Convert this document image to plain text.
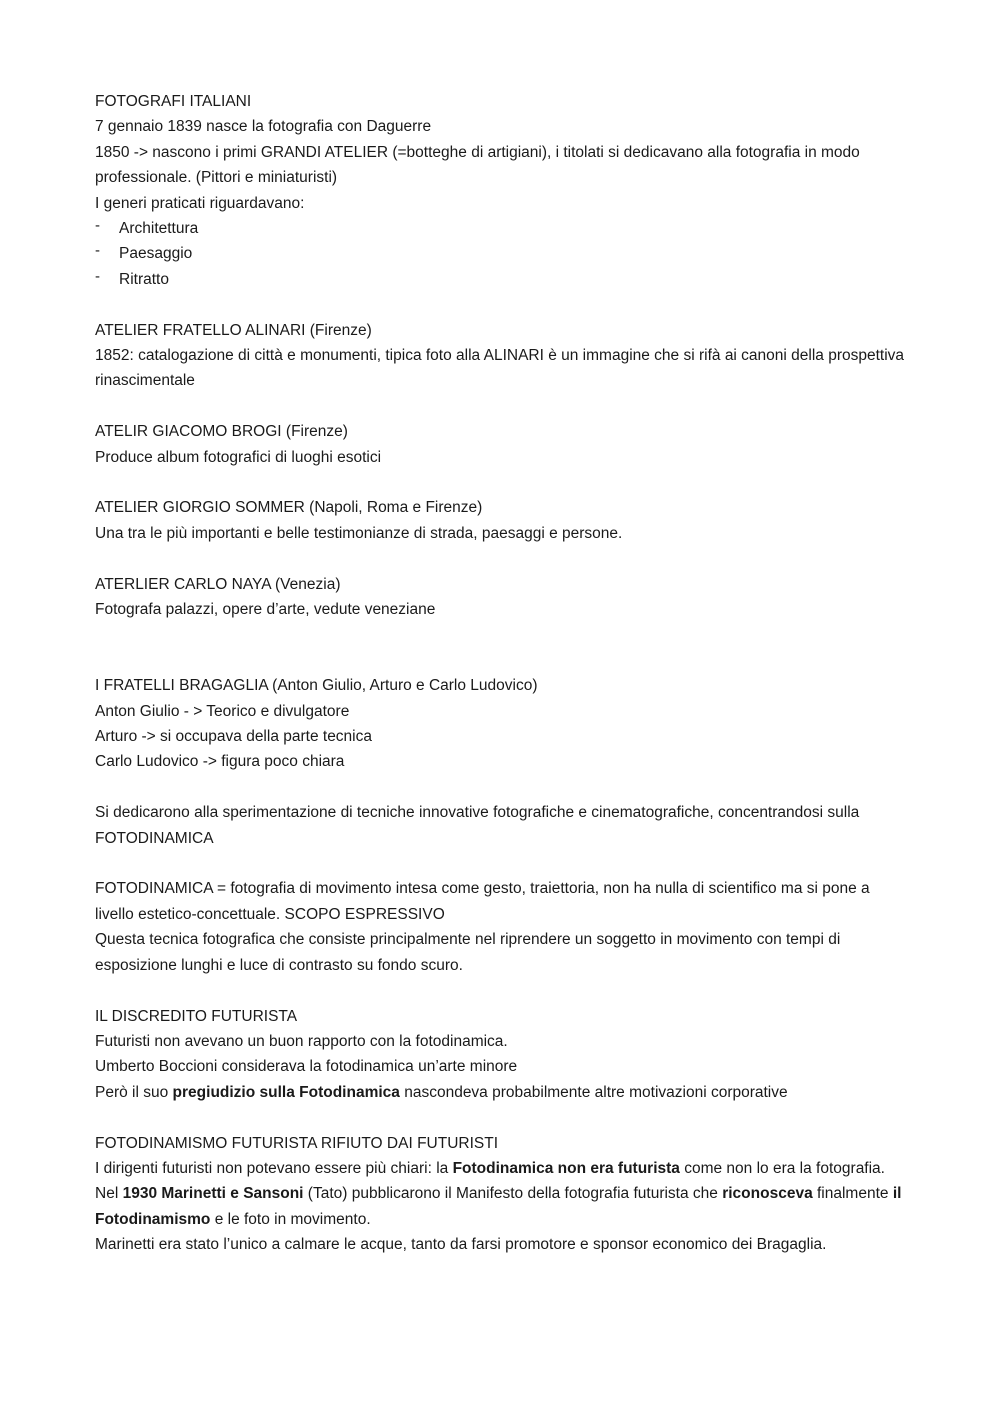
FOTOGRAFI ITALIANI

7 gennaio 1839 nasce la fotografia con Daguerre

1850 -> nascono i primi GRANDI ATELIER (=botteghe di artigiani), i titolati si dedicavano alla fotografia in modo professionale. (Pittori e miniaturisti)

I generi praticati riguardavano:

- Architettura
- Paesaggio
- Ritratto

ATELIER FRATELLO ALINARI (Firenze)

1852: catalogazione di città e monumenti, tipica foto alla ALINARI è un immagine che si rifà ai canoni della prospettiva rinascimentale

ATELIR GIACOMO BROGI (Firenze)

Produce album fotografici di luoghi esotici

ATELIER GIORGIO SOMMER (Napoli, Roma e Firenze)

Una tra le più importanti e belle testimonianze di strada, paesaggi e persone.

ATERLIER CARLO NAYA (Venezia)

Fotografa palazzi, opere d’arte, vedute veneziane

I FRATELLI BRAGAGLIA (Anton Giulio, Arturo e Carlo Ludovico)

Anton Giulio - > Teorico e divulgatore

Arturo -> si occupava della parte tecnica

Carlo Ludovico -> figura poco chiara

Si dedicarono alla sperimentazione di tecniche innovative fotografiche e cinematografiche, concentrandosi sulla FOTODINAMICA

FOTODINAMICA = fotografia di movimento intesa come gesto, traiettoria, non ha nulla di scientifico ma si pone a livello estetico-concettuale. SCOPO ESPRESSIVO

Questa tecnica fotografica che consiste principalmente nel riprendere un soggetto in movimento con tempi di esposizione lunghi e luce di contrasto su fondo scuro.

IL DISCREDITO FUTURISTA

Futuristi non avevano un buon rapporto con la fotodinamica.

Umberto Boccioni considerava la fotodinamica un’arte minore

Però il suo pregiudizio sulla Fotodinamica nascondeva probabilmente altre motivazioni corporative

FOTODINAMISMO FUTURISTA RIFIUTO DAI FUTURISTI

I dirigenti futuristi non potevano essere più chiari: la Fotodinamica non era futurista come non lo era la fotografia.

Nel 1930 Marinetti e Sansoni (Tato) pubblicarono il Manifesto della fotografia futurista che riconosceva finalmente il Fotodinamismo e le foto in movimento.

Marinetti era stato l’unico a calmare le acque, tanto da farsi promotore e sponsor economico dei Bragaglia.
